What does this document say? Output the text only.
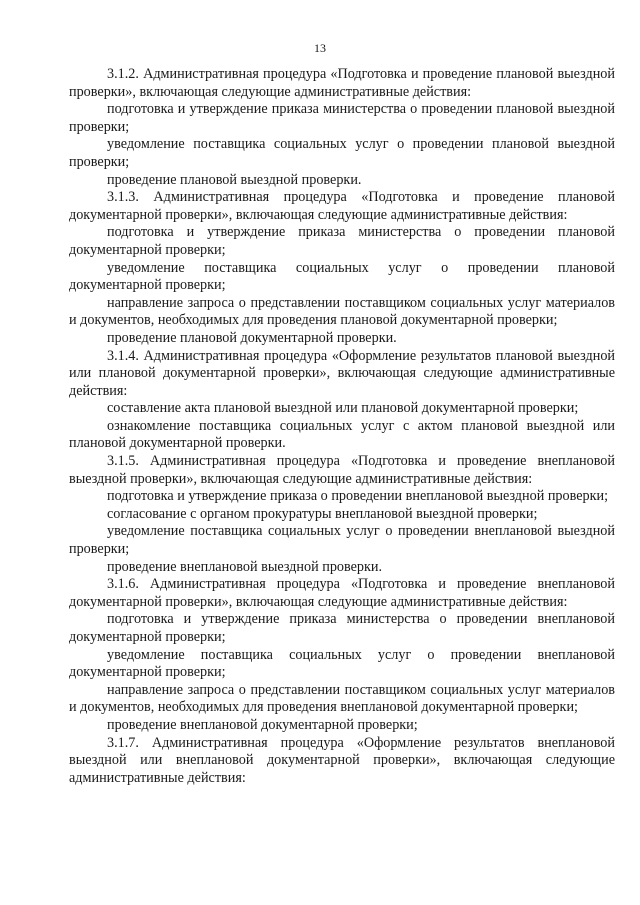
13

3.1.2. Административная процедура «Подготовка и проведение плановой выездной проверки», включающая следующие административные действия:

подготовка и утверждение приказа министерства о проведении плановой выездной проверки;

уведомление поставщика социальных услуг о проведении плановой выездной проверки;

проведение плановой выездной проверки.

3.1.3. Административная процедура «Подготовка и проведение плановой документарной проверки», включающая следующие административные действия:

подготовка и утверждение приказа министерства о проведении плановой документарной проверки;

уведомление поставщика социальных услуг о проведении плановой документарной проверки;

направление запроса о представлении поставщиком социальных услуг материалов и документов, необходимых для проведения плановой документарной проверки;

проведение плановой документарной проверки.

3.1.4. Административная процедура «Оформление результатов плановой выездной или плановой документарной проверки», включающая следующие административные действия:

составление акта плановой выездной или плановой документарной проверки;

ознакомление поставщика социальных услуг с актом плановой выездной или плановой документарной проверки.

3.1.5. Административная процедура «Подготовка и проведение внеплановой выездной проверки», включающая следующие административные действия:

подготовка и утверждение приказа о проведении внеплановой выездной проверки;

согласование с органом прокуратуры внеплановой выездной проверки;

уведомление поставщика социальных услуг о проведении внеплановой выездной проверки;

проведение внеплановой выездной проверки.

3.1.6. Административная процедура «Подготовка и проведение внеплановой документарной проверки», включающая следующие административные действия:

подготовка и утверждение приказа министерства о проведении внеплановой документарной проверки;

уведомление поставщика социальных услуг о проведении внеплановой документарной проверки;

направление запроса о представлении поставщиком социальных услуг материалов и документов, необходимых для проведения внеплановой документарной проверки;

проведение внеплановой документарной проверки;

3.1.7. Административная процедура «Оформление результатов внеплановой выездной или внеплановой документарной проверки», включающая следующие административные действия:
